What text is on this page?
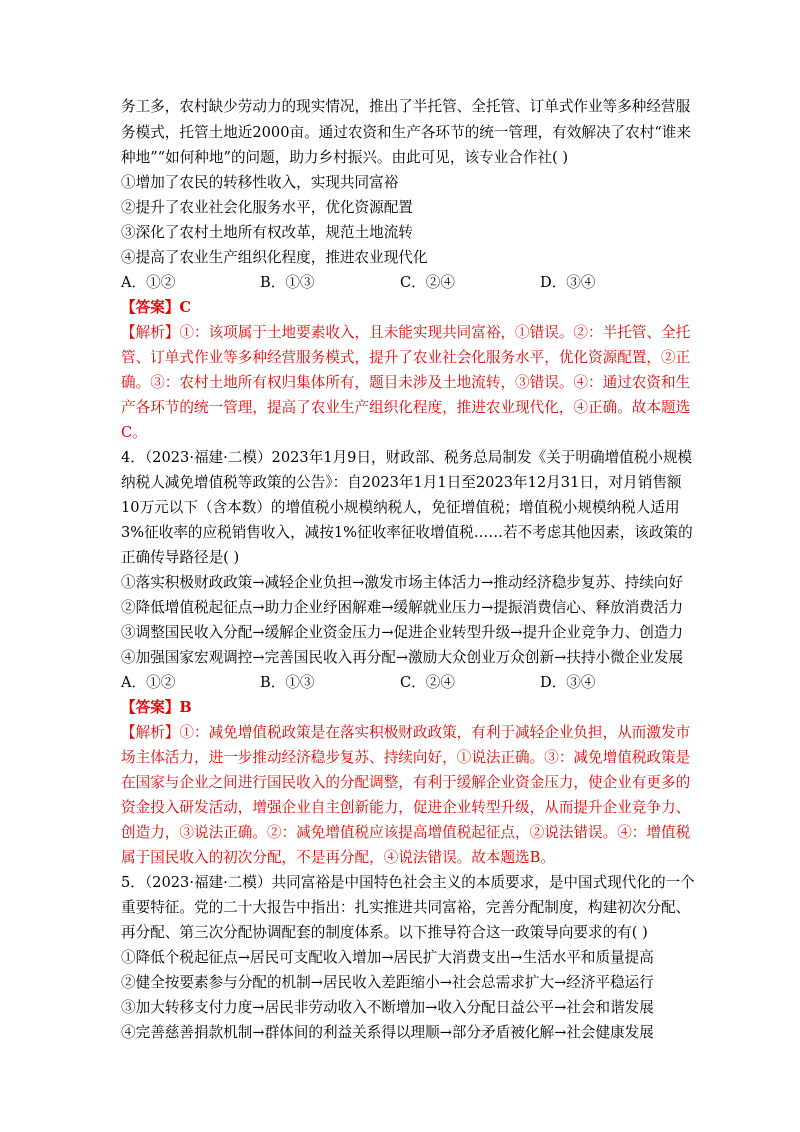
务工多，农村缺少劳动力的现实情况，推出了半托管、全托管、订单式作业等多种经营服
务模式，托管土地近2000亩。通过农资和生产各环节的统一管理，有效解决了农村“谁来
种地”“如何种地”的问题，助力乡村振兴。由此可见，该专业合作社( )
①增加了农民的转移性收入，实现共同富裕
②提升了农业社会化服务水平，优化资源配置
③深化了农村土地所有权改革，规范土地流转
④提高了农业生产组织化程度，推进农业现代化
A．①②	B．①③	C．②④	D．③④
【答案】C
【解析】①：该项属于土地要素收入，且未能实现共同富裕，①错误。②：半托管、全托
管、订单式作业等多种经营服务模式，提升了农业社会化服务水平，优化资源配置，②正
确。③：农村土地所有权归集体所有，题目未涉及土地流转，③错误。④：通过农资和生
产各环节的统一管理，提高了农业生产组织化程度，推进农业现代化，④正确。故本题选
C。
4．（2023·福建·二模）2023年1月9日，财政部、税务总局制发《关于明确增值税小规模
纳税人减免增值税等政策的公告》：自2023年1月1日至2023年12月31日，对月销售额
10万元以下（含本数）的增值税小规模纳税人，免征增值税；增值税小规模纳税人适用
3%征收率的应税销售收入，减按1%征收率征收增值税……若不考虑其他因素，该政策的
正确传导路径是( )
①落实积极财政政策→减轻企业负担→激发市场主体活力→推动经济稳步复苏、持续向好
②降低增值税起征点→助力企业纾困解难→缓解就业压力→提振消费信心、释放消费活力
③调整国民收入分配→缓解企业资金压力→促进企业转型升级→提升企业竞争力、创造力
④加强国家宏观调控→完善国民收入再分配→激励大众创业万众创新→扶持小微企业发展
A．①②	B．①③	C．②④	D．③④
【答案】B
【解析】①：减免增值税政策是在落实积极财政政策，有利于减轻企业负担，从而激发市
场主体活力，进一步推动经济稳步复苏、持续向好，①说法正确。③：减免增值税政策是
在国家与企业之间进行国民收入的分配调整，有利于缓解企业资金压力，使企业有更多的
资金投入研发活动，增强企业自主创新能力，促进企业转型升级，从而提升企业竞争力、
创造力，③说法正确。②：减免增值税应该提高增值税起征点，②说法错误。④：增值税
属于国民收入的初次分配，不是再分配，④说法错误。故本题选B。
5．（2023·福建·二模）共同富裕是中国特色社会主义的本质要求，是中国式现代化的一个
重要特征。党的二十大报告中指出：扎实推进共同富裕，完善分配制度，构建初次分配、
再分配、第三次分配协调配套的制度体系。以下推导符合这一政策导向要求的有( )
①降低个税起征点→居民可支配收入增加→居民扩大消费支出→生活水平和质量提高
②健全按要素参与分配的机制→居民收入差距缩小→社会总需求扩大→经济平稳运行
③加大转移支付力度→居民非劳动收入不断增加→收入分配日益公平→社会和谐发展
④完善慈善捐款机制→群体间的利益关系得以理顺→部分矛盾被化解→社会健康发展
